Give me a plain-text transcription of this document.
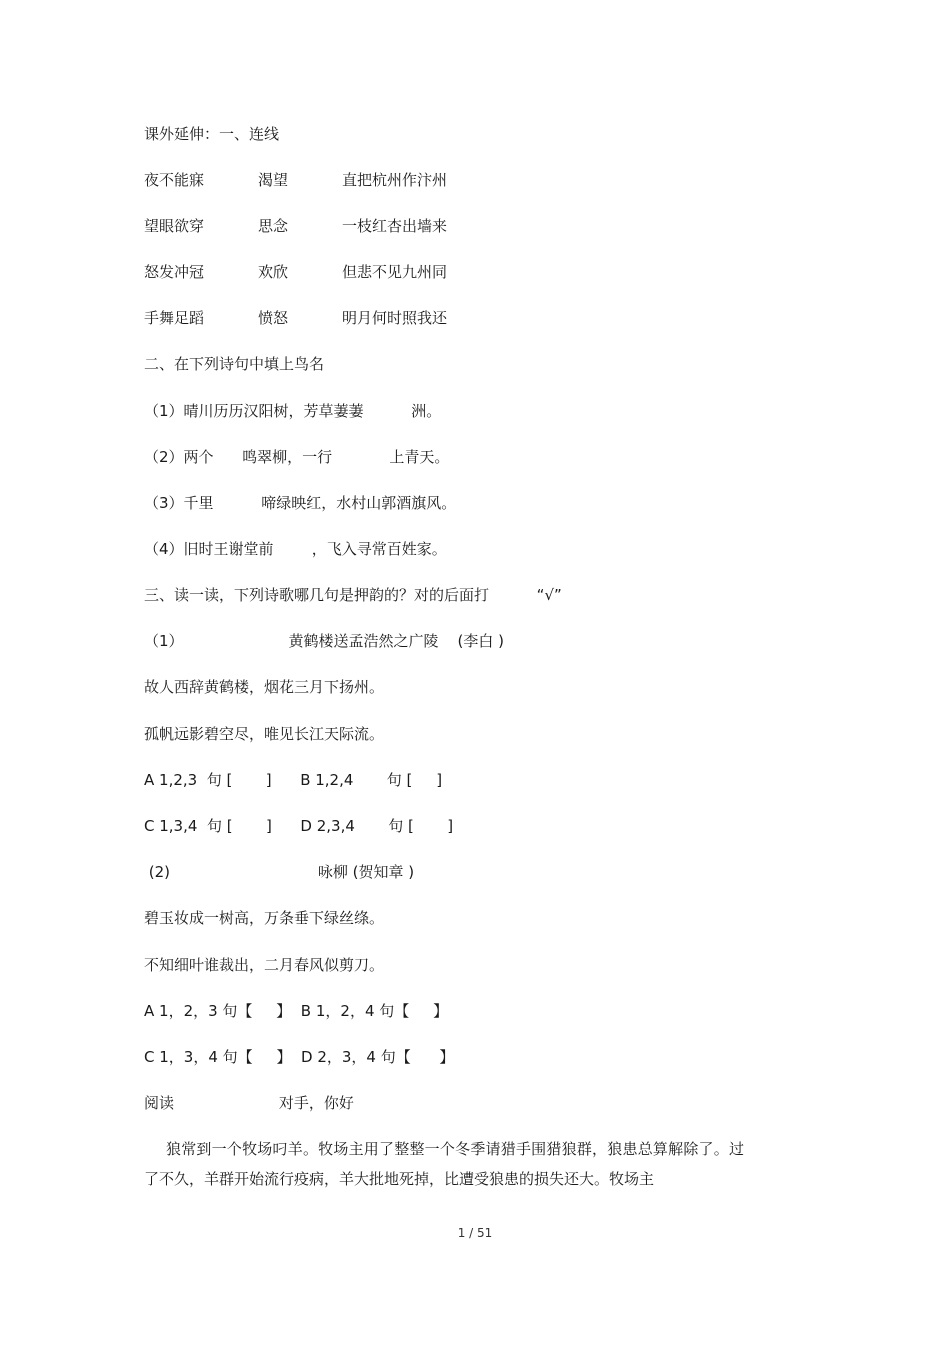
课外延伸：一、连线
夜不能寐	渴望	直把杭州作汴州
望眼欲穿	思念	一枝红杏出墙来
怒发冲冠	欢欣	但悲不见九州同
手舞足蹈	愤怒	明月何时照我还
二、在下列诗句中填上鸟名
（1）晴川历历汉阳树，芳草萋萋          洲。
（2）两个      鸣翠柳，一行            上青天。
（3）千里          啼绿映红，水村山郭酒旗风。
（4）旧时王谢堂前        ，飞入寻常百姓家。
三、读一读，下列诗歌哪几句是押韵的？对的后面打          “√”
（1）                      黄鹤楼送孟浩然之广陵    (李白 )
故人西辞黄鹤楼，烟花三月下扬州。
孤帆远影碧空尽，唯见长江天际流。
A 1,2,3  句 [       ]      B 1,2,4       句 [     ]
C 1,3,4  句 [       ]      D 2,3,4       句 [       ]
(2)                               咏柳 (贺知章 )
碧玉妆成一树高，万条垂下绿丝绦。
不知细叶谁裁出，二月春风似剪刀。
A 1，2，3 句【     】  B 1，2，4 句【     】
C 1，3，4 句【     】  D 2，3，4 句【      】
阅读                      对手，你好
狼常到一个牧场叼羊。牧场主用了整整一个冬季请猎手围猎狼群，狼患总算解除了。过了不久，羊群开始流行疫病，羊大批地死掉，比遭受狼患的损失还大。牧场主
1 / 51
